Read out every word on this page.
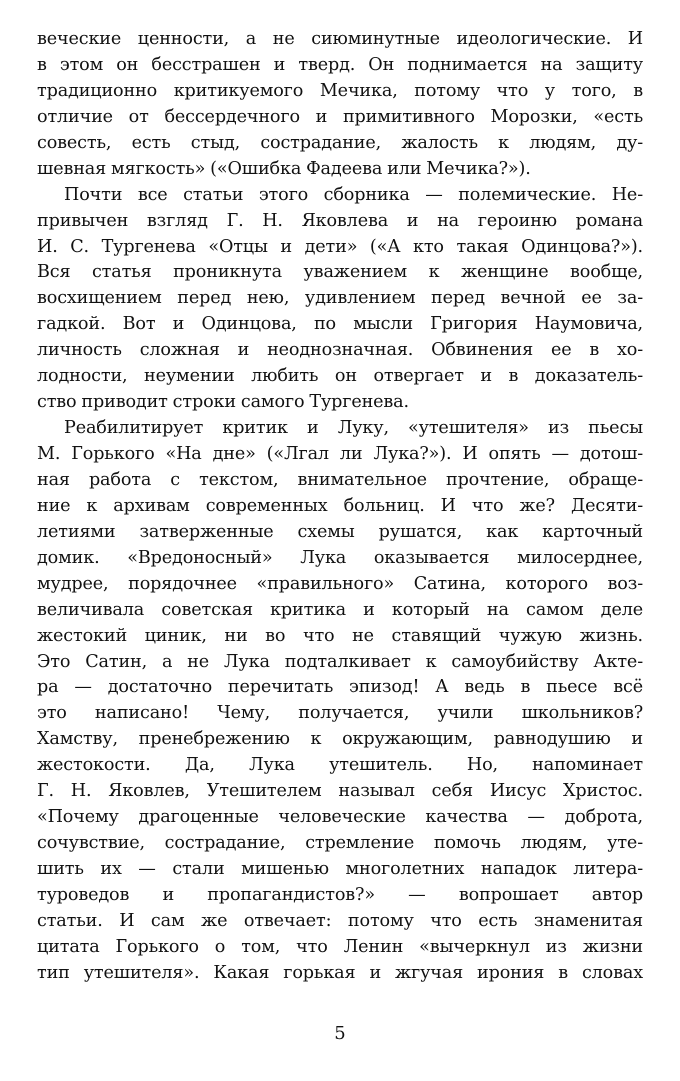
веческие ценности, а не сиюминутные идеологические. И
в этом он бесстрашен и тверд. Он поднимается на защиту
традиционно критикуемого Мечика, потому что у того, в
отличие от бессердечного и примитивного Морозки, «есть
совесть, есть стыд, сострадание, жалость к людям, ду-
шевная мягкость» («Ошибка Фадеева или Мечика?»).
Почти все статьи этого сборника — полемические. Не-
привычен взгляд Г. Н. Яковлева и на героиню романа
И. С. Тургенева «Отцы и дети» («А кто такая Одинцова?»).
Вся статья проникнута уважением к женщине вообще,
восхищением перед нею, удивлением перед вечной ее за-
гадкой. Вот и Одинцова, по мысли Григория Наумовича,
личность сложная и неоднозначная. Обвинения ее в хо-
лодности, неумении любить он отвергает и в доказатель-
ство приводит строки самого Тургенева.
Реабилитирует критик и Луку, «утешителя» из пьесы
М. Горького «На дне» («Лгал ли Лука?»). И опять — дотош-
ная работа с текстом, внимательное прочтение, обраще-
ние к архивам современных больниц. И что же? Десяти-
летиями затверженные схемы рушатся, как карточный
домик. «Вредоносный» Лука оказывается милосерднее,
мудрее, порядочнее «правильного» Сатина, которого воз-
величивала советская критика и который на самом деле
жестокий циник, ни во что не ставящий чужую жизнь.
Это Сатин, а не Лука подталкивает к самоубийству Акте-
ра — достаточно перечитать эпизод! А ведь в пьесе всё
это написано! Чему, получается, учили школьников?
Хамству, пренебрежению к окружающим, равнодушию и
жестокости. Да, Лука утешитель. Но, напоминает
Г. Н. Яковлев, Утешителем называл себя Иисус Христос.
«Почему драгоценные человеческие качества — доброта,
сочувствие, сострадание, стремление помочь людям, уте-
шить их — стали мишенью многолетних нападок литера-
туроведов и пропагандистов?» — вопрошает автор
статьи. И сам же отвечает: потому что есть знаменитая
цитата Горького о том, что Ленин «вычеркнул из жизни
тип утешителя». Какая горькая и жгучая ирония в словах
5
